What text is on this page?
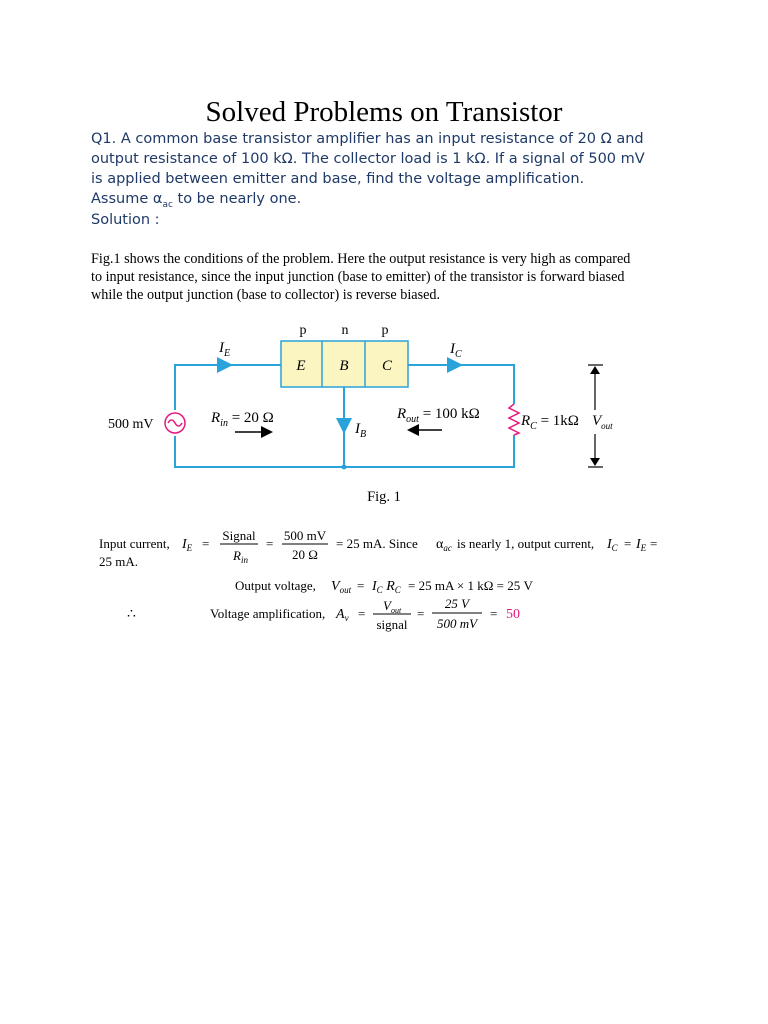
Solved Problems on Transistor

Q1. A common base transistor amplifier has an input resistance of 20 Ω and

output resistance of 100 kΩ. The collector load is 1 kΩ. If a signal of 500 mV

is applied between emitter and base, find the voltage amplification.

Assume $\alpha_{ac}$ to be nearly one.

Solution :
Fig.1 shows the conditions of the problem. Here the output resistance is very high as compared
to input resistance, since the input junction (base to emitter) of the transistor is forward biased
while the output junction (base to collector) is reverse biased.
p	n p
E B C
$I_E$	$I_C$
$I_B$
500 mV	$R_{in} = 20$ Ω	$R_{out} = 100$ kΩ	$R_C = 1k\Omega$ $V_{out}$
Input current, $I_E$ =
Signal
$R_{in}$
=
500 mV
20 Ω
= 25 mA. Since $\alpha_{ac}$ is nearly 1, output current, $I_C = I_E$ =
25 mA.
Output voltage, $V_{out} = I_C$ $R_C = 25$ mA × 1 kΩ = 25 V
∴	Voltage amplification, $A_v$ =
$V_{out}$
signal
=
25 V
500 mV
= 50
Fig. 1
